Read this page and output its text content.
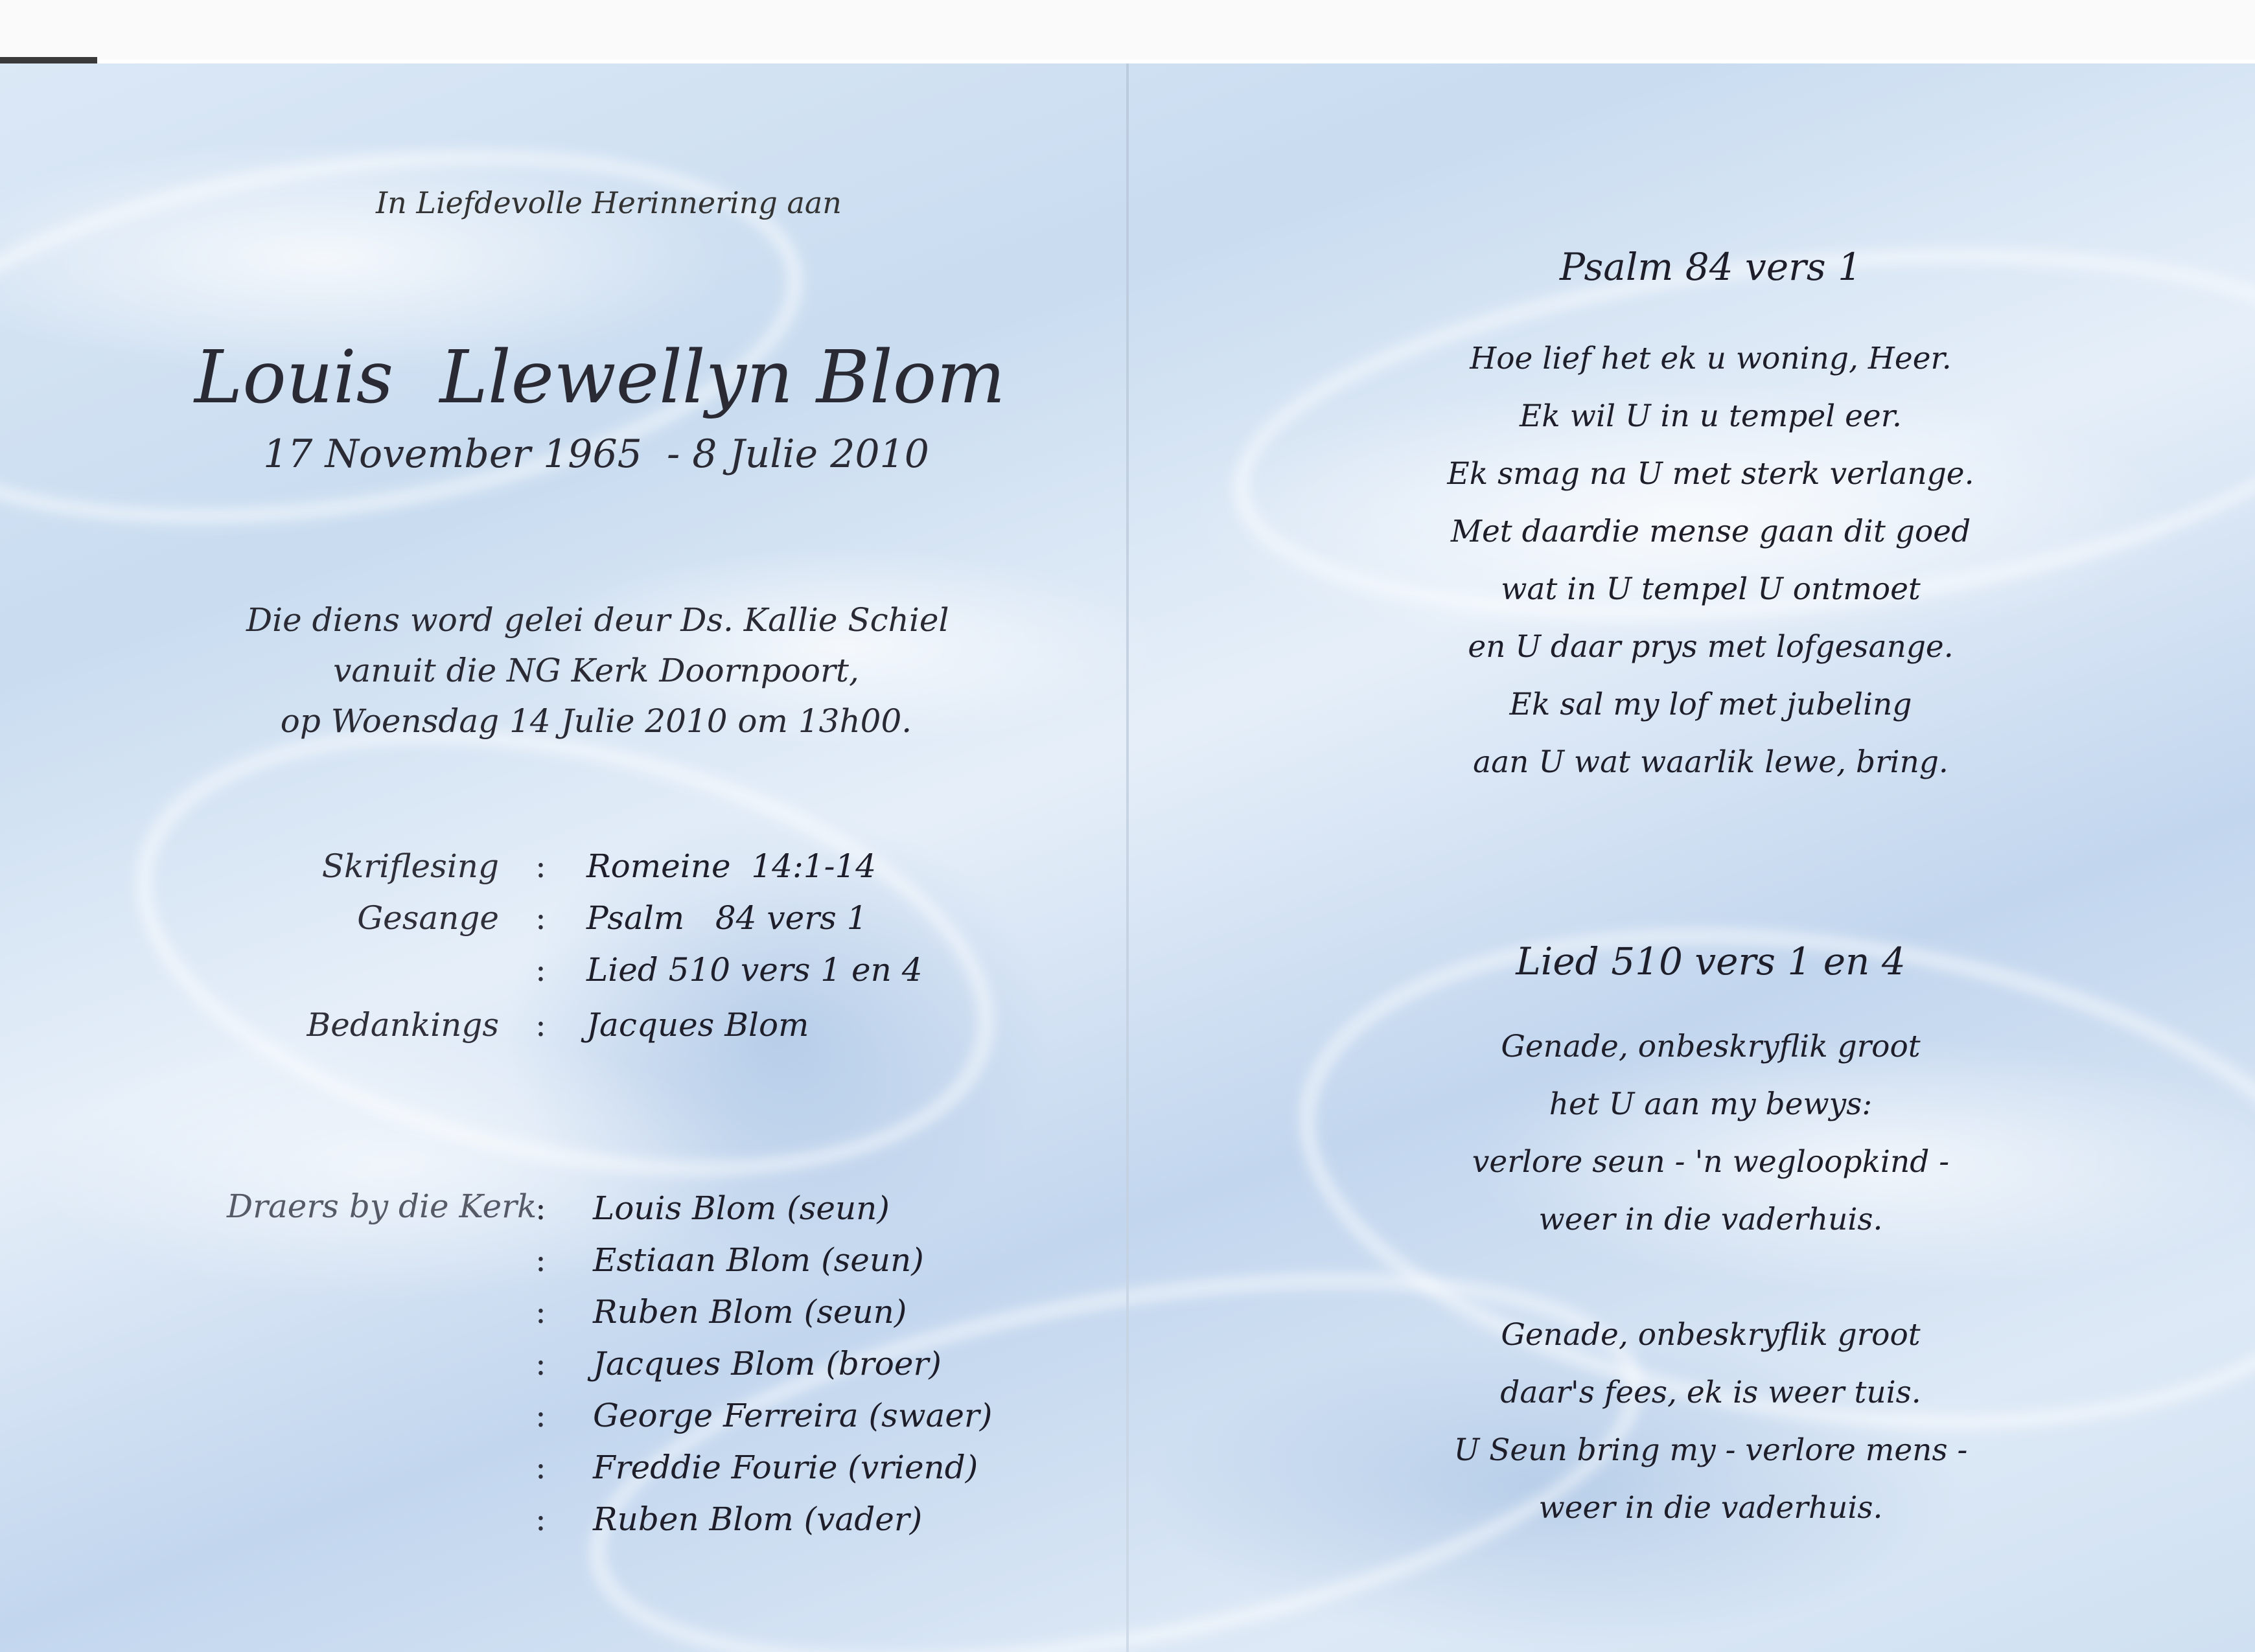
In Liefdevolle Herinnering aan
Louis  Llewellyn Blom
17 November 1965  - 8 Julie 2010
Die diens word gelei deur Ds. Kallie Schiel
vanuit die NG Kerk Doornpoort,
op Woensdag 14 Julie 2010 om 13h00.
Skriflesing : Romeine  14:1-14
Gesange : Psalm   84 vers 1
: Lied 510 vers 1 en 4
Bedankings : Jacques Blom
Draers by die Kerk
: Louis Blom (seun)
: Estiaan Blom (seun)
: Ruben Blom (seun)
: Jacques Blom (broer)
: George Ferreira (swaer)
: Freddie Fourie (vriend)
: Ruben Blom (vader)
Psalm 84 vers 1
Hoe lief het ek u woning, Heer.
Ek wil U in u tempel eer.
Ek smag na U met sterk verlange.
Met daardie mense gaan dit goed
wat in U tempel U ontmoet
en U daar prys met lofgesange.
Ek sal my lof met jubeling
aan U wat waarlik lewe, bring.
Lied 510 vers 1 en 4
Genade, onbeskryflik groot
het U aan my bewys:
verlore seun - 'n wegloopkind -
weer in die vaderhuis.
Genade, onbeskryflik groot
daar's fees, ek is weer tuis.
U Seun bring my - verlore mens -
weer in die vaderhuis.
